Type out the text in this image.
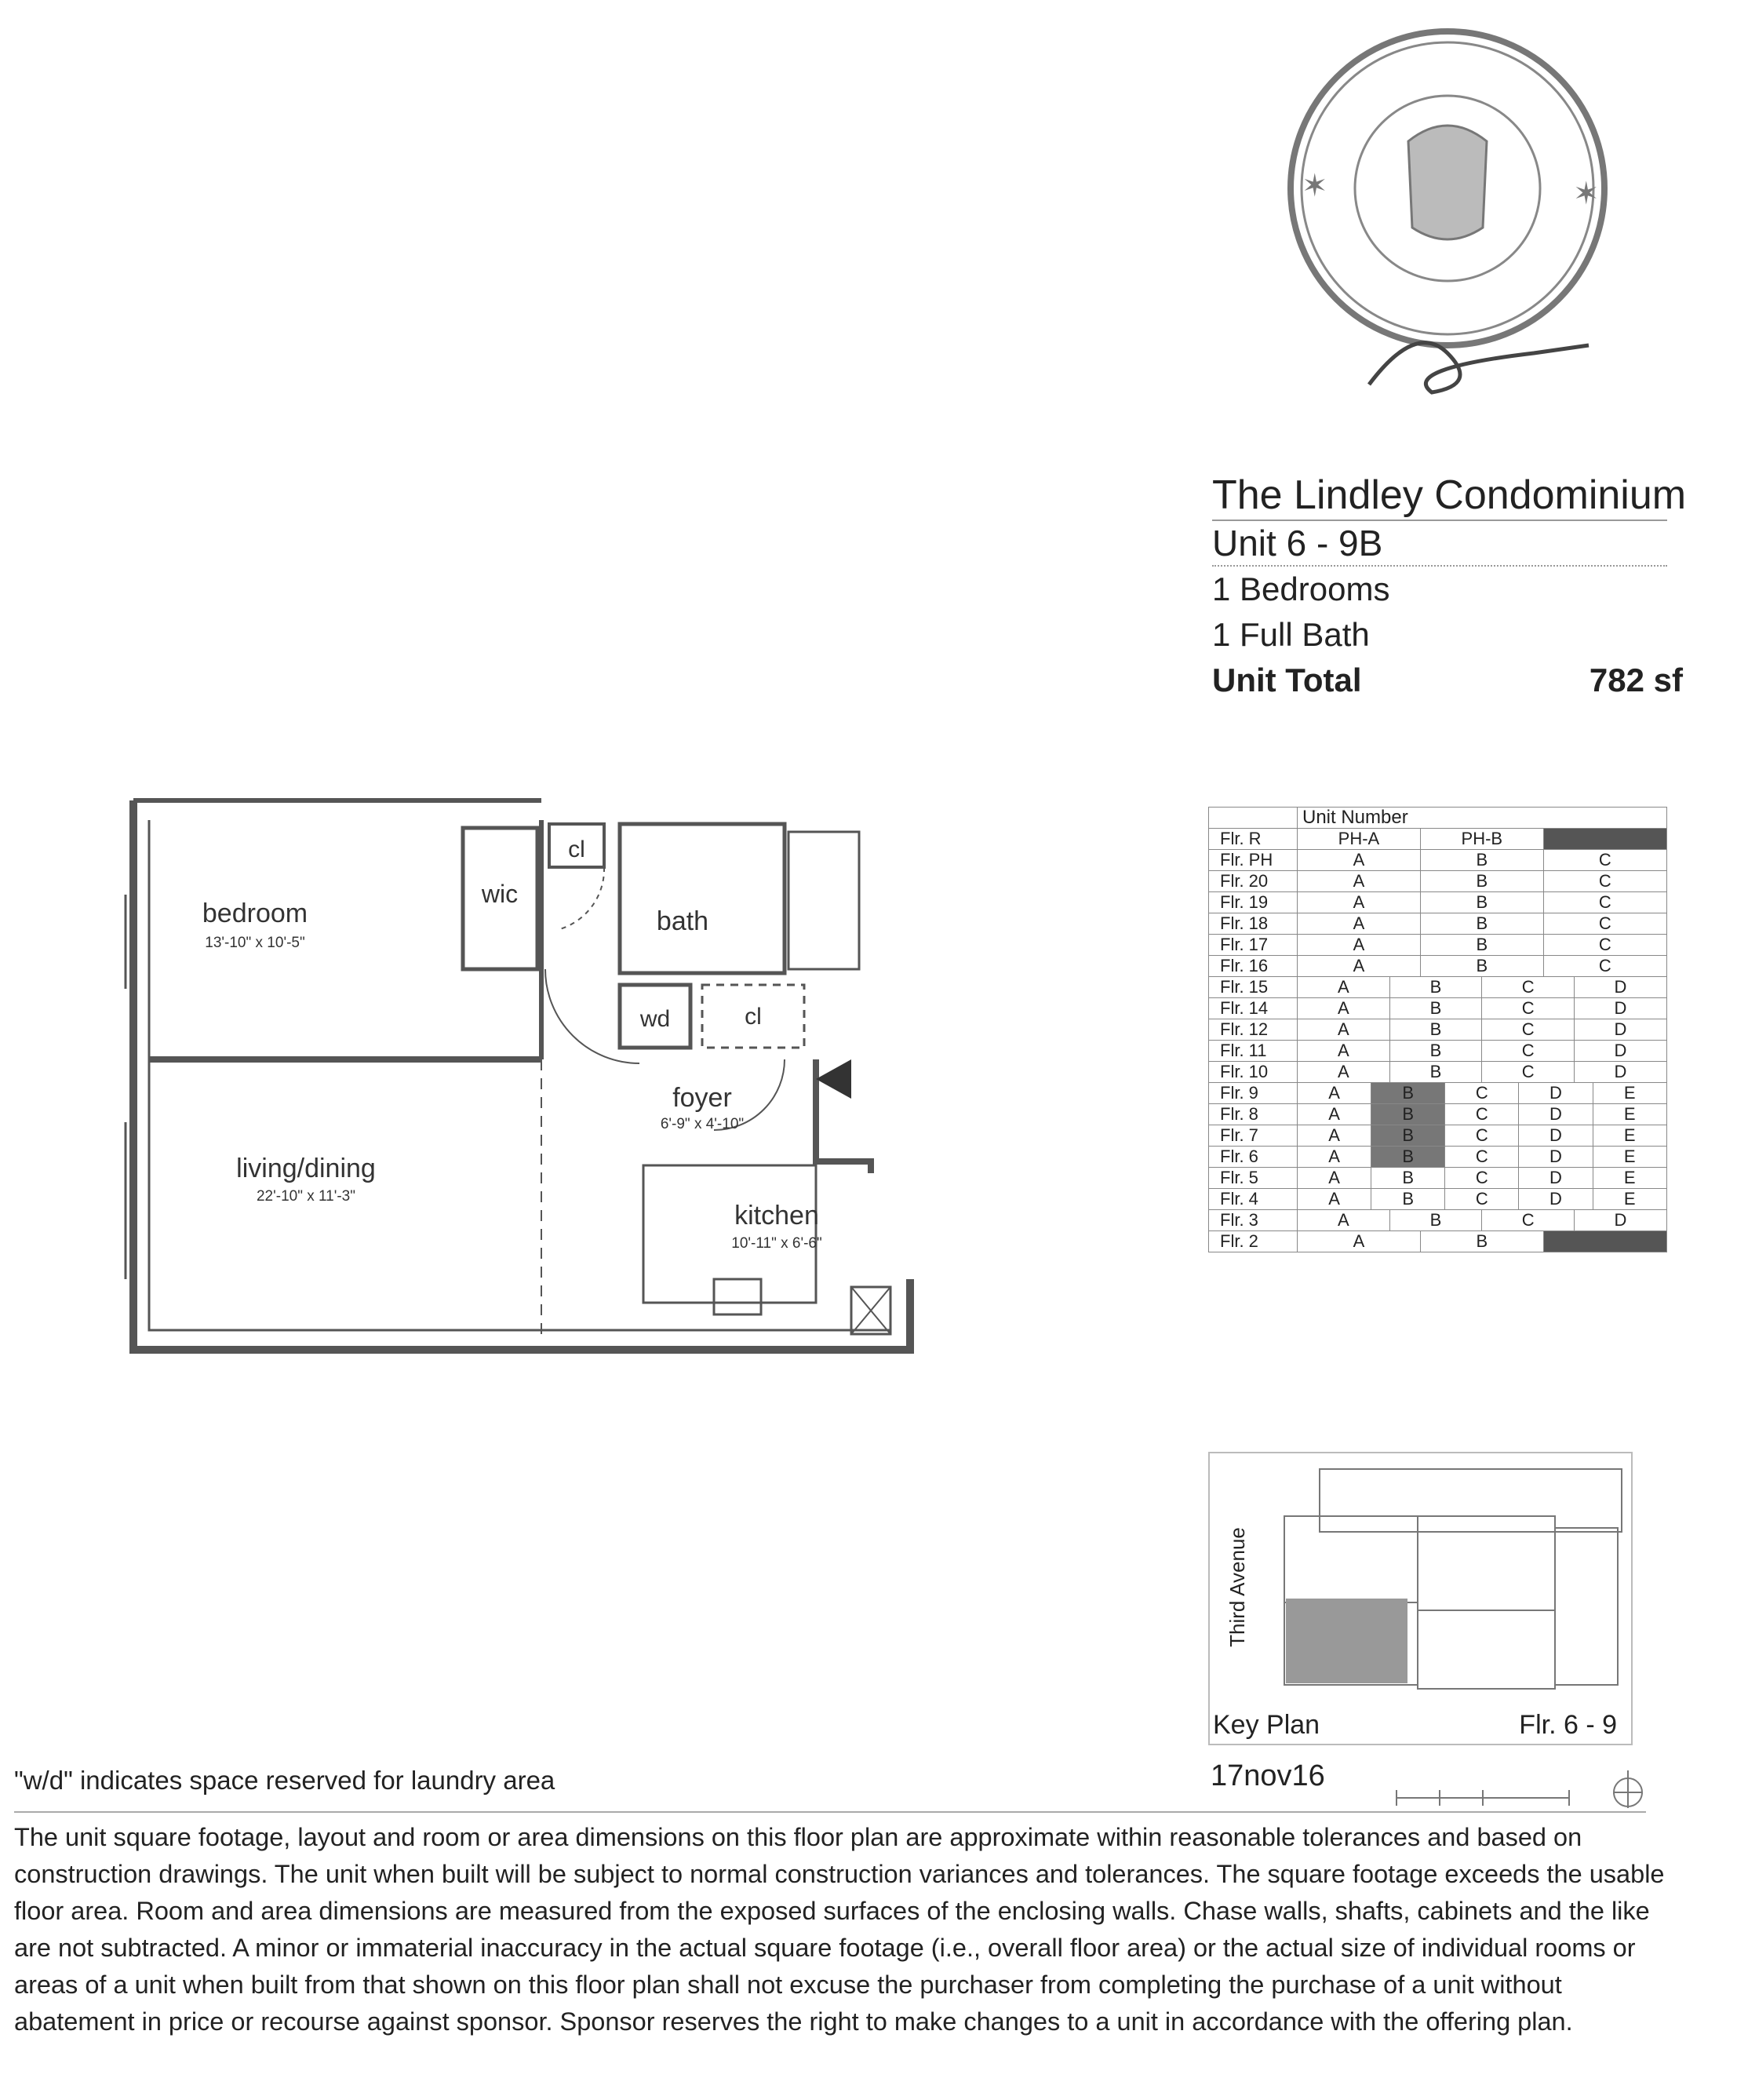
✶	✶
The Lindley Condominium
Unit 6 - 9B
1 Bedrooms
1 Full Bath
Unit Total	782 sf
bedroom
13'-10" x 10'-5"
living/dining
22'-10" x 11'-3"
bath
foyer
6'-9" x 4'-10"
kitchen
10'-11" x 6'-6"
wic
cl
cl
wd
	Unit Number									
Flr. R	PH-A			PH-B						
Flr. PH	A			B				C		
Flr. 20	A			B				C		
Flr. 19	A			B				C		
Flr. 18	A			B				C		
Flr. 17	A			B				C		
Flr. 16	A			B				C		
Flr. 15	A		B			C			D	
Flr. 14	A		B			C			D	
Flr. 12	A		B			C			D	
Flr. 11	A		B			C			D	
Flr. 10	A		B			C			D	
Flr. 9	A	B			C		D			E
Flr. 8	A	B			C		D			E
Flr. 7	A	B			C		D			E
Flr. 6	A	B			C		D			E
Flr. 5	A	B			C		D			E
Flr. 4	A	B			C		D			E
Flr. 3	A		B			C			D	
Flr. 2	A			B						
Third Avenue
Key Plan	Flr. 6 - 9
17nov16
"w/d" indicates space reserved for laundry area
The unit square footage, layout and room or area dimensions on this floor plan are approximate within reasonable tolerances and based on construction drawings. The unit when built will be subject to normal construction variances and tolerances. The square footage exceeds the usable floor area. Room and area dimensions are measured from the exposed surfaces of the enclosing walls. Chase walls, shafts, cabinets and the like are not subtracted. A minor or immaterial inaccuracy in the actual square footage (i.e., overall floor area) or the actual size of individual rooms or areas of a unit when built from that shown on this floor plan shall not excuse the purchaser from completing the purchase of a unit without abatement in price or recourse against sponsor. Sponsor reserves the right to make changes to a unit in accordance with the offering plan.
